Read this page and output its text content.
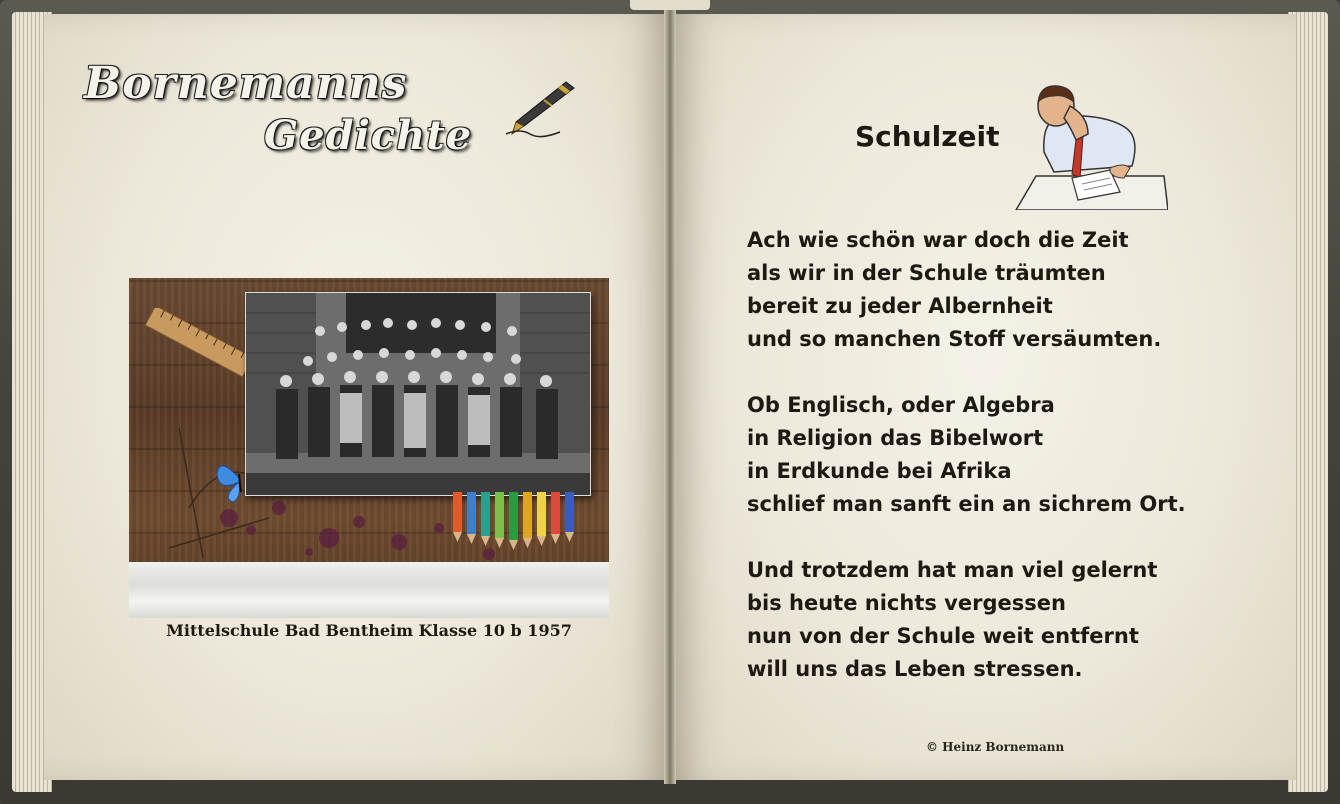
Bornemanns
Gedichte
Mittelschule Bad Bentheim Klasse 10 b 1957
Schulzeit
Ach wie schön war doch die Zeit
als wir in der Schule träumten
bereit zu jeder Albernheit
und so manchen Stoff versäumten.
Ob Englisch, oder Algebra
in Religion das Bibelwort
in Erdkunde bei Afrika
schlief man sanft ein an sichrem Ort.
Und trotzdem hat man viel gelernt
bis heute nichts vergessen
nun von der Schule weit entfernt
will uns das Leben stressen.
© Heinz Bornemann
